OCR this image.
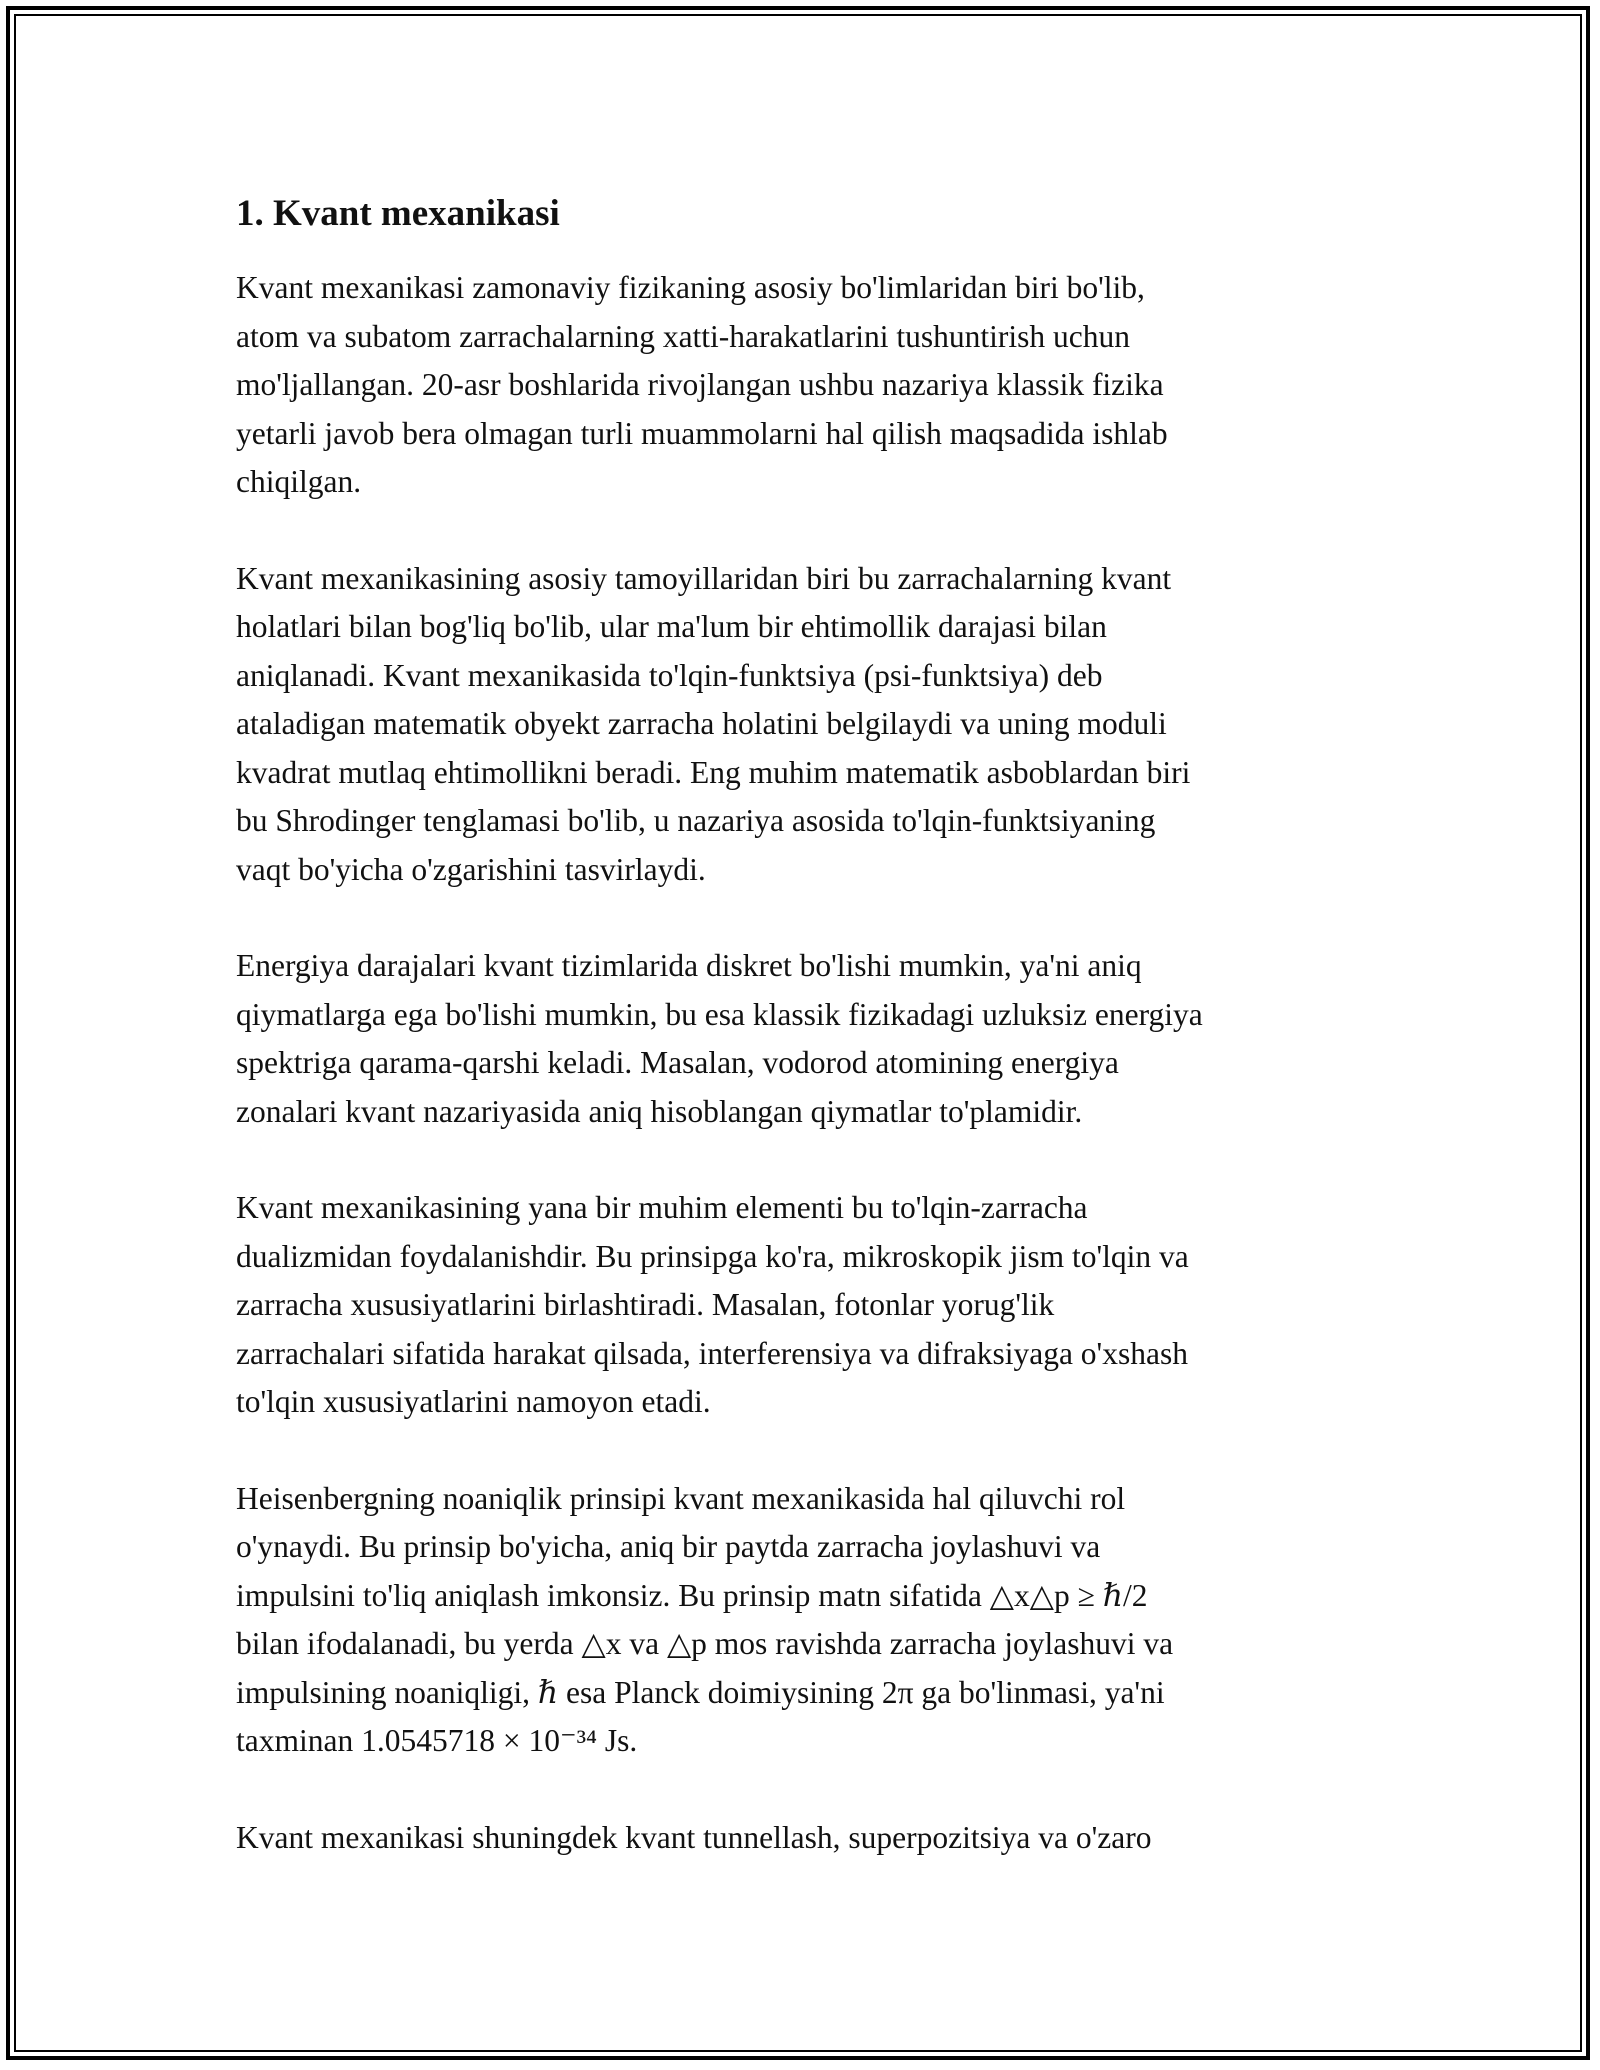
1. Kvant mexanikasi
Kvant mexanikasi zamonaviy fizikaning asosiy bo'limlaridan biri bo'lib,
atom va subatom zarrachalarning xatti-harakatlarini tushuntirish uchun
mo'ljallangan. 20-asr boshlarida rivojlangan ushbu nazariya klassik fizika
yetarli javob bera olmagan turli muammolarni hal qilish maqsadida ishlab
chiqilgan.
Kvant mexanikasining asosiy tamoyillaridan biri bu zarrachalarning kvant
holatlari bilan bog'liq bo'lib, ular ma'lum bir ehtimollik darajasi bilan
aniqlanadi. Kvant mexanikasida to'lqin-funktsiya (psi-funktsiya) deb
ataladigan matematik obyekt zarracha holatini belgilaydi va uning moduli
kvadrat mutlaq ehtimollikni beradi. Eng muhim matematik asboblardan biri
bu Shrodinger tenglamasi bo'lib, u nazariya asosida to'lqin-funktsiyaning
vaqt bo'yicha o'zgarishini tasvirlaydi.
Energiya darajalari kvant tizimlarida diskret bo'lishi mumkin, ya'ni aniq
qiymatlarga ega bo'lishi mumkin, bu esa klassik fizikadagi uzluksiz energiya
spektriga qarama-qarshi keladi. Masalan, vodorod atomining energiya
zonalari kvant nazariyasida aniq hisoblangan qiymatlar to'plamidir.
Kvant mexanikasining yana bir muhim elementi bu to'lqin-zarracha
dualizmidan foydalanishdir. Bu prinsipga ko'ra, mikroskopik jism to'lqin va
zarracha xususiyatlarini birlashtiradi. Masalan, fotonlar yorug'lik
zarrachalari sifatida harakat qilsada, interferensiya va difraksiyaga o'xshash
to'lqin xususiyatlarini namoyon etadi.
Heisenbergning noaniqlik prinsipi kvant mexanikasida hal qiluvchi rol
o'ynaydi. Bu prinsip bo'yicha, aniq bir paytda zarracha joylashuvi va
impulsini to'liq aniqlash imkonsiz. Bu prinsip matn sifatida △x△p ≥ ℏ/2
bilan ifodalanadi, bu yerda △x va △p mos ravishda zarracha joylashuvi va
impulsining noaniqligi, ℏ esa Planck doimiysining 2π ga bo'linmasi, ya'ni
taxminan 1.0545718 × 10⁻³⁴ Js.
Kvant mexanikasi shuningdek kvant tunnellash, superpozitsiya va o'zaro
